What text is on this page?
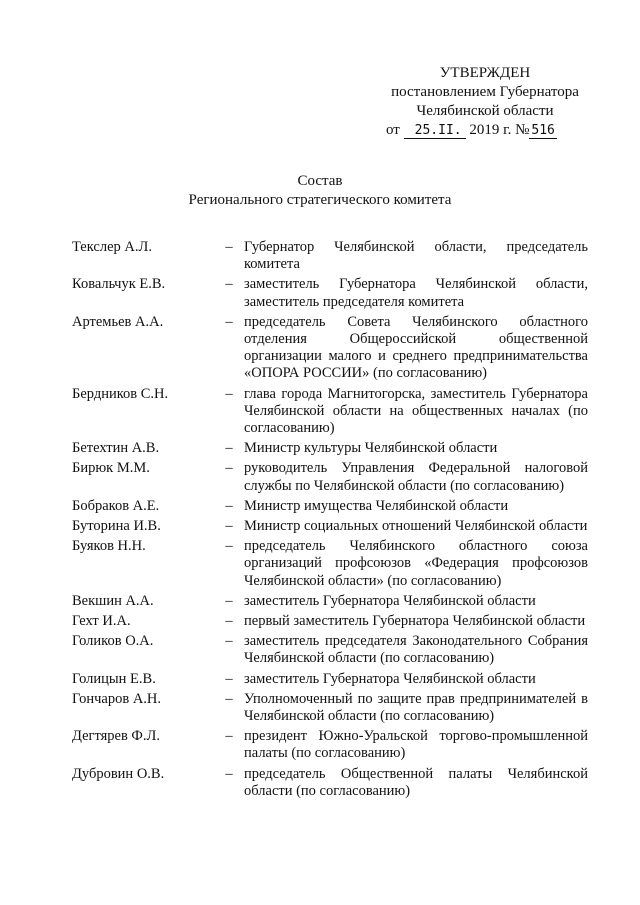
УТВЕРЖДЕН
постановлением Губернатора
Челябинской области
от 25.II. 2019 г. № 516
Состав
Регионального стратегического комитета
Текслер А.Л.	– Губернатор Челябинской области, председатель комитета
Ковальчук Е.В.	– заместитель Губернатора Челябинской области, заместитель председателя комитета
Артемьев А.А.	– председатель Совета Челябинского областного отделения Общероссийской общественной организации малого и среднего предпринимательства «ОПОРА РОССИИ» (по согласованию)
Бердников С.Н.	– глава города Магнитогорска, заместитель Губернатора Челябинской области на общественных началах (по согласованию)
Бетехтин А.В.	– Министр культуры Челябинской области
Бирюк М.М.	– руководитель Управления Федеральной налоговой службы по Челябинской области (по согласованию)
Бобраков А.Е.	– Министр имущества Челябинской области
Буторина И.В.	– Министр социальных отношений Челябинской области
Буяков Н.Н.	– председатель Челябинского областного союза организаций профсоюзов «Федерация профсоюзов Челябинской области» (по согласованию)
Векшин А.А.	– заместитель Губернатора Челябинской области
Гехт И.А.	– первый заместитель Губернатора Челябинской области
Голиков О.А.	– заместитель председателя Законодательного Собрания Челябинской области (по согласованию)
Голицын Е.В.	– заместитель Губернатора Челябинской области
Гончаров А.Н.	– Уполномоченный по защите прав предпринимателей в Челябинской области (по согласованию)
Дегтярев Ф.Л.	– президент Южно-Уральской торгово-промышленной палаты (по согласованию)
Дубровин О.В.	– председатель Общественной палаты Челябинской области (по согласованию)
